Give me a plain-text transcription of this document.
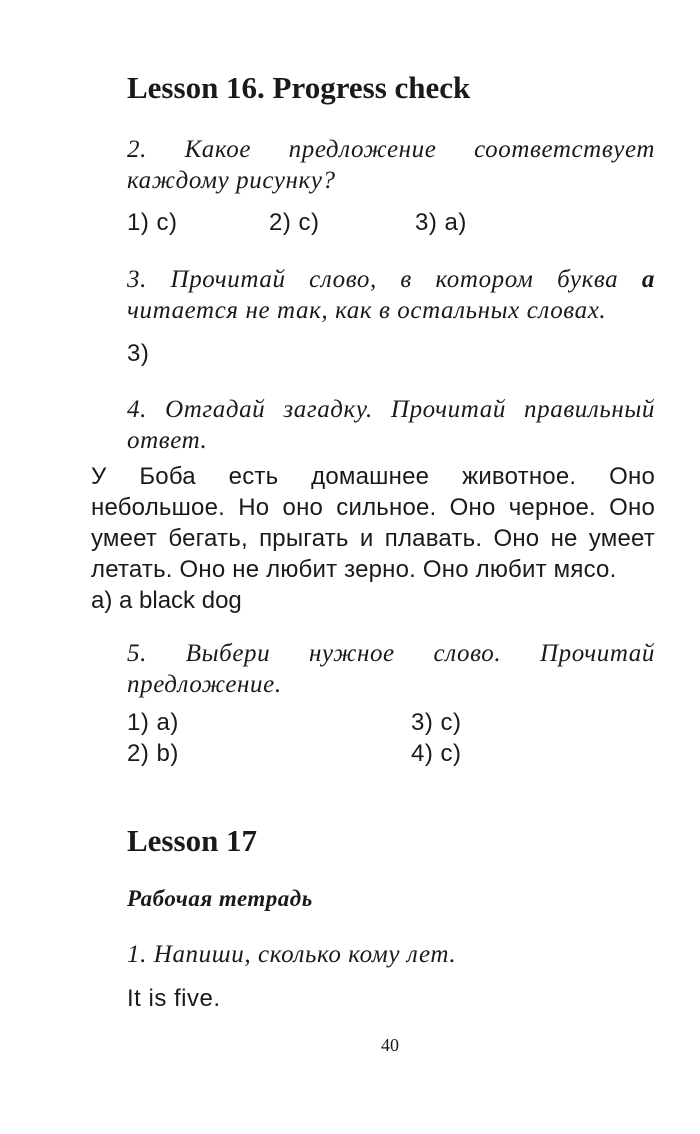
Lesson 16. Progress check

2. Какое предложение соответствует каждому рисунку?

1) c)	2) c)	3) a)

3. Прочитай слово, в котором буква a читается не так, как в остальных словах.

3)

4. Отгадай загадку. Прочитай правильный ответ.

У Боба есть домашнее животное. Оно небольшое. Но оно сильное. Оно черное. Оно умеет бегать, прыгать и плавать. Оно не умеет летать. Оно не любит зерно. Оно любит мясо.

a) a black dog

5. Выбери нужное слово. Прочитай предложение.

1) a)	3) c)
2) b)	4) c)
Lesson 17

Рабочая тетрадь

1. Напиши, сколько кому лет.

It is five.
40
